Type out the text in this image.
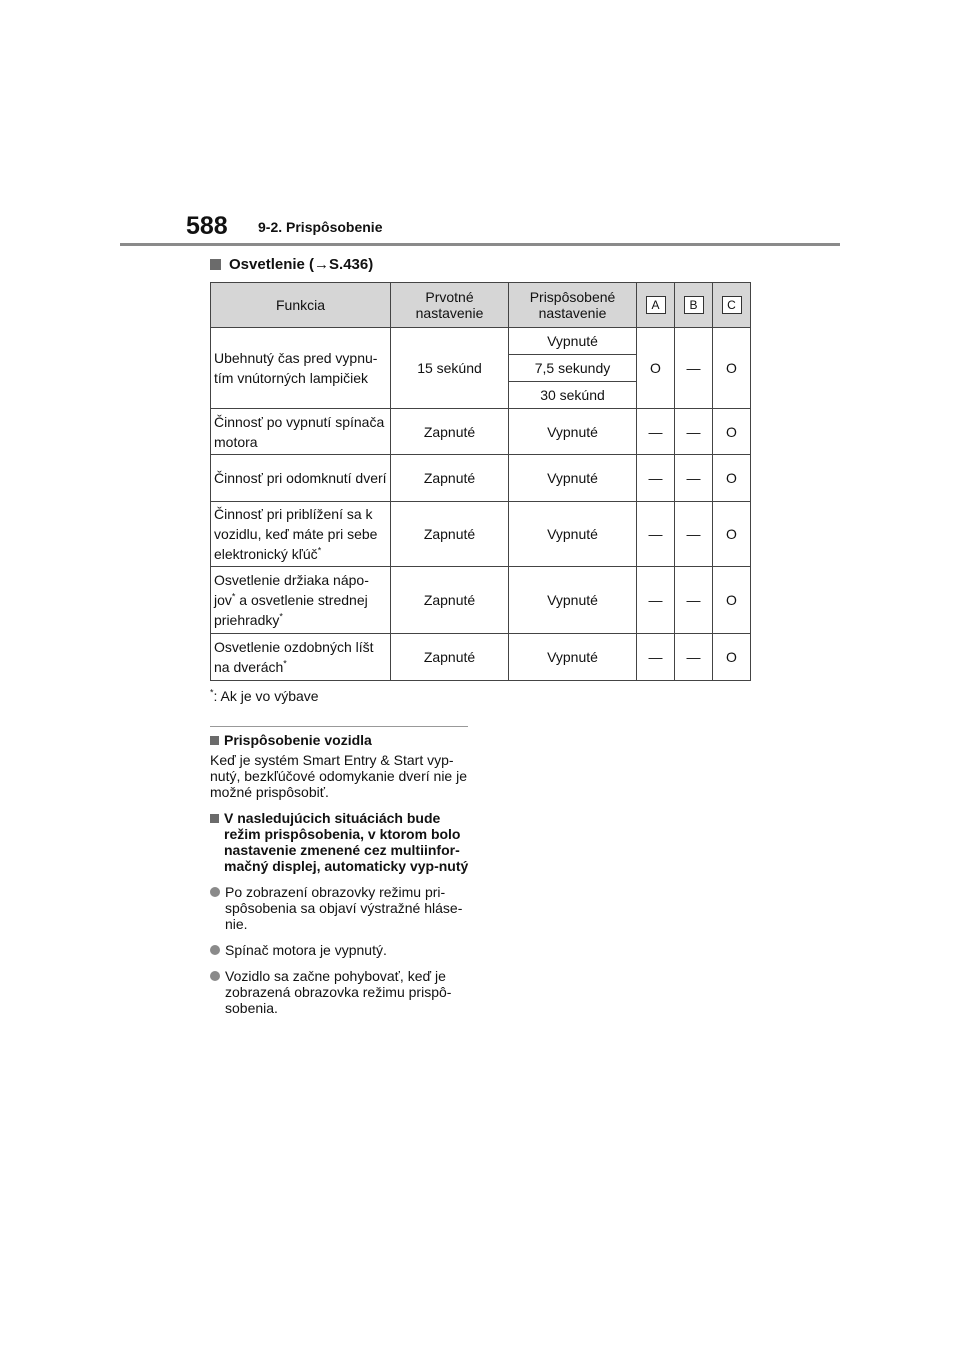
588 9-2. Prispôsobenie
Osvetlenie ( → S.436)
Funkcia	Prvotné nastavenie	Prispôsobené nastavenie	A	B	C
Ubehnutý čas pred vypnu-tím vnútorných lampičiek	15 sekúnd	Vypnuté	O	—	O
		7,5 sekundy			
		30 sekúnd			
Činnosť po vypnutí spínača motora	Zapnuté	Vypnuté	—	—	O
Činnosť pri odomknutí dverí	Zapnuté	Vypnuté	—	—	O
Činnosť pri priblížení sa k vozidlu, keď máte pri sebe elektronický kľúč*	Zapnuté	Vypnuté	—	—	O
Osvetlenie držiaka nápo-jov* a osvetlenie strednej priehradky*	Zapnuté	Vypnuté	—	—	O
Osvetlenie ozdobných líšt na dverách*	Zapnuté	Vypnuté	—	—	O
*: Ak je vo výbave
Prispôsobenie vozidla
Keď je systém Smart Entry & Start vyp-nutý, bezkľúčové odomykanie dverí nie je možné prispôsobiť.
V nasledujúcich situáciách bude režim prispôsobenia, v ktorom bolo nastavenie zmenené cez multiinfor-mačný displej, automaticky vyp-nutý
Po zobrazení obrazovky režimu pri-spôsobenia sa objaví výstražné hláse-nie.
Spínač motora je vypnutý.
Vozidlo sa začne pohybovať, keď je zobrazená obrazovka režimu prispô-sobenia.
